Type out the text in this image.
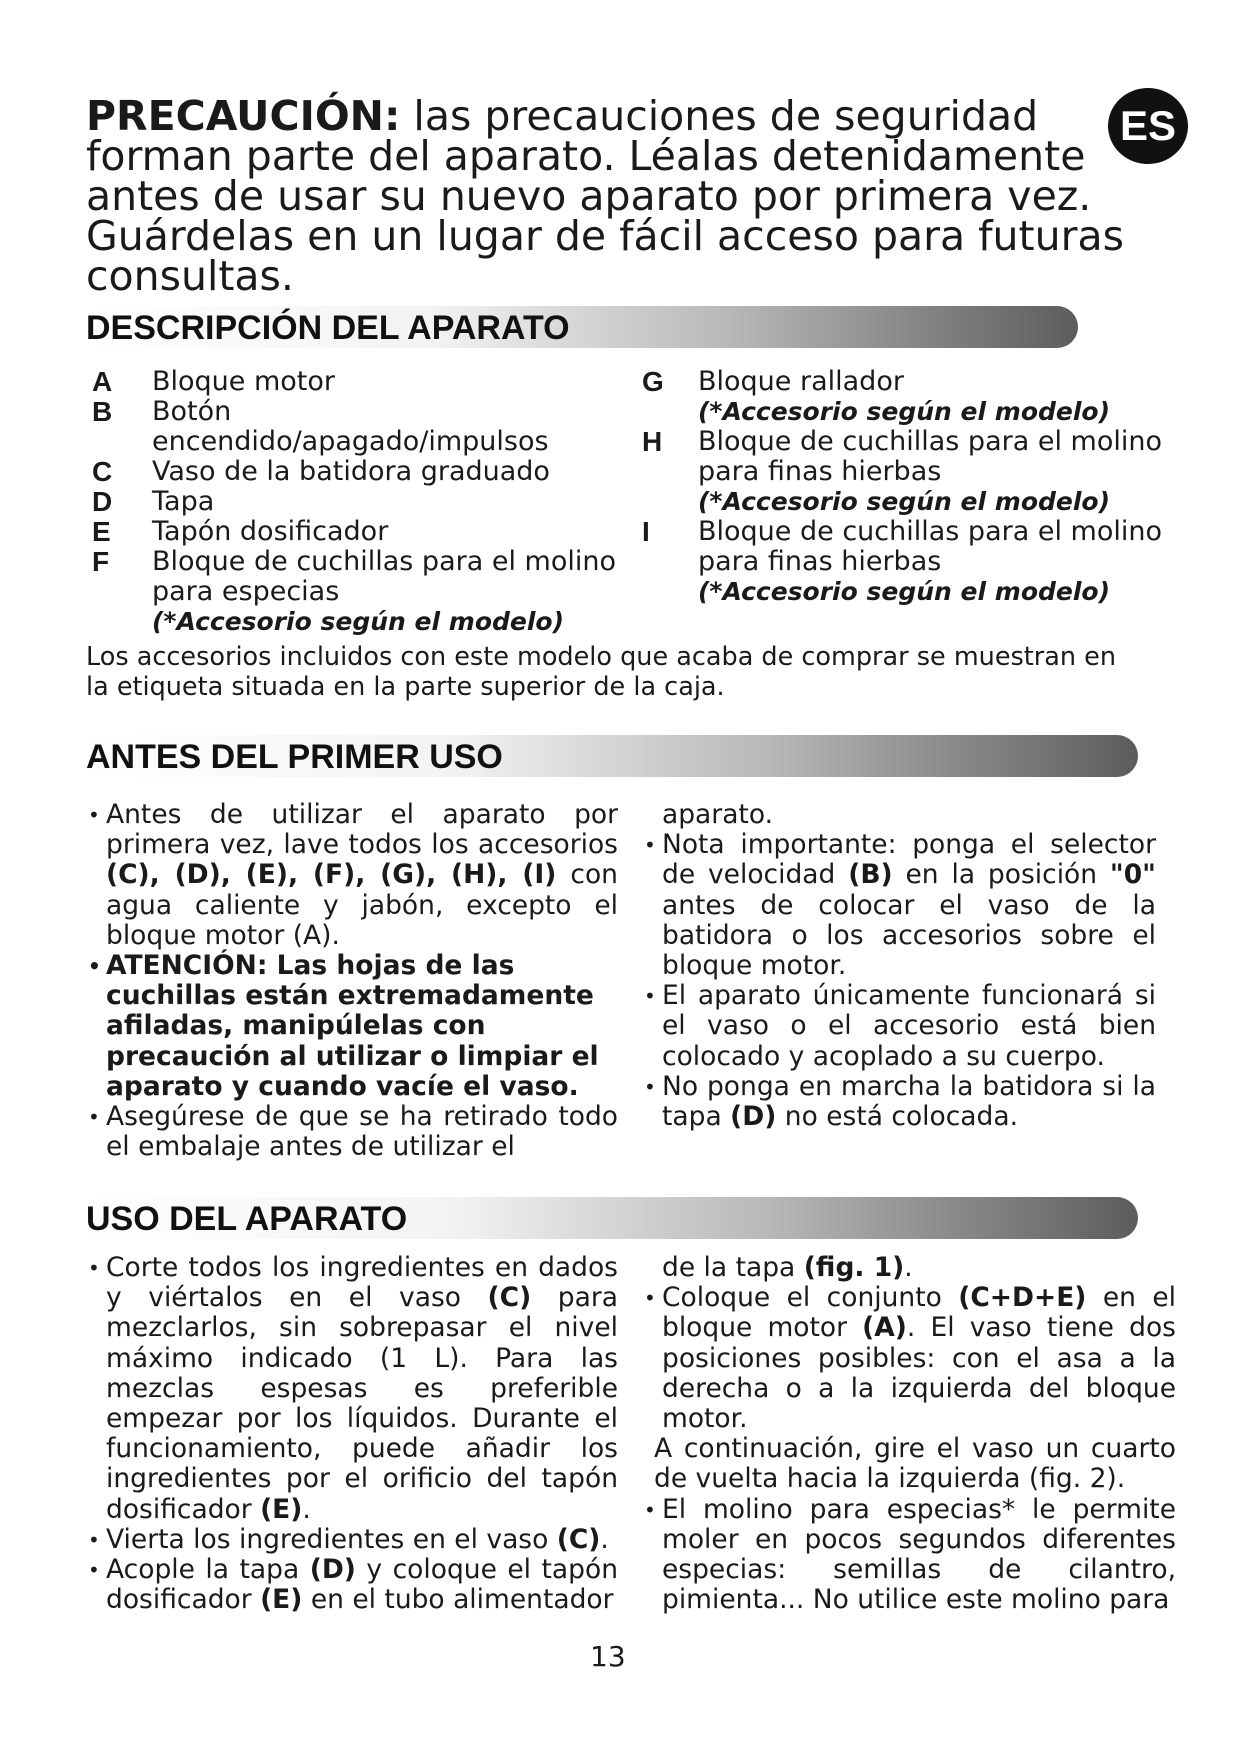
ES
PRECAUCIÓN: las precauciones de seguridad forman parte del aparato. Léalas detenidamente antes de usar su nuevo aparato por primera vez. Guárdelas en un lugar de fácil acceso para futuras consultas.
DESCRIPCIÓN DEL APARATO
A	Bloque motor
B	Botón encendido/apagado/impulsos
C	Vaso de la batidora graduado
D	Tapa
E	Tapón dosificador
F	Bloque de cuchillas para el molino para especias
(*Accesorio según el modelo)
G	Bloque rallador
(*Accesorio según el modelo)
H	Bloque de cuchillas para el molino para finas hierbas
(*Accesorio según el modelo)
I	Bloque de cuchillas para el molino para finas hierbas
(*Accesorio según el modelo)
Los accesorios incluidos con este modelo que acaba de comprar se muestran en la etiqueta situada en la parte superior de la caja.
ANTES DEL PRIMER USO
• Antes de utilizar el aparato por primera vez, lave todos los accesorios (C), (D), (E), (F), (G), (H), (I) con agua caliente y jabón, excepto el bloque motor (A).
• ATENCIÓN: Las hojas de las cuchillas están extremadamente afiladas, manipúlelas con precaución al utilizar o limpiar el aparato y cuando vacíe el vaso.
• Asegúrese de que se ha retirado todo el embalaje antes de utilizar el
aparato.
• Nota importante: ponga el selector de velocidad (B) en la posición "0" antes de colocar el vaso de la batidora o los accesorios sobre el bloque motor.
• El aparato únicamente funcionará si el vaso o el accesorio está bien colocado y acoplado a su cuerpo.
• No ponga en marcha la batidora si la tapa (D) no está colocada.
USO DEL APARATO
• Corte todos los ingredientes en dados y viértalos en el vaso (C) para mezclarlos, sin sobrepasar el nivel máximo indicado (1 L). Para las mezclas espesas es preferible empezar por los líquidos. Durante el funcionamiento, puede añadir los ingredientes por el orificio del tapón dosificador (E).
• Vierta los ingredientes en el vaso (C).
• Acople la tapa (D) y coloque el tapón dosificador (E) en el tubo alimentador
de la tapa (fig. 1).
• Coloque el conjunto (C+D+E) en el bloque motor (A). El vaso tiene dos posiciones posibles: con el asa a la derecha o a la izquierda del bloque motor.
A continuación, gire el vaso un cuarto de vuelta hacia la izquierda (fig. 2).
• El molino para especias* le permite moler en pocos segundos diferentes especias: semillas de cilantro, pimienta... No utilice este molino para
13
